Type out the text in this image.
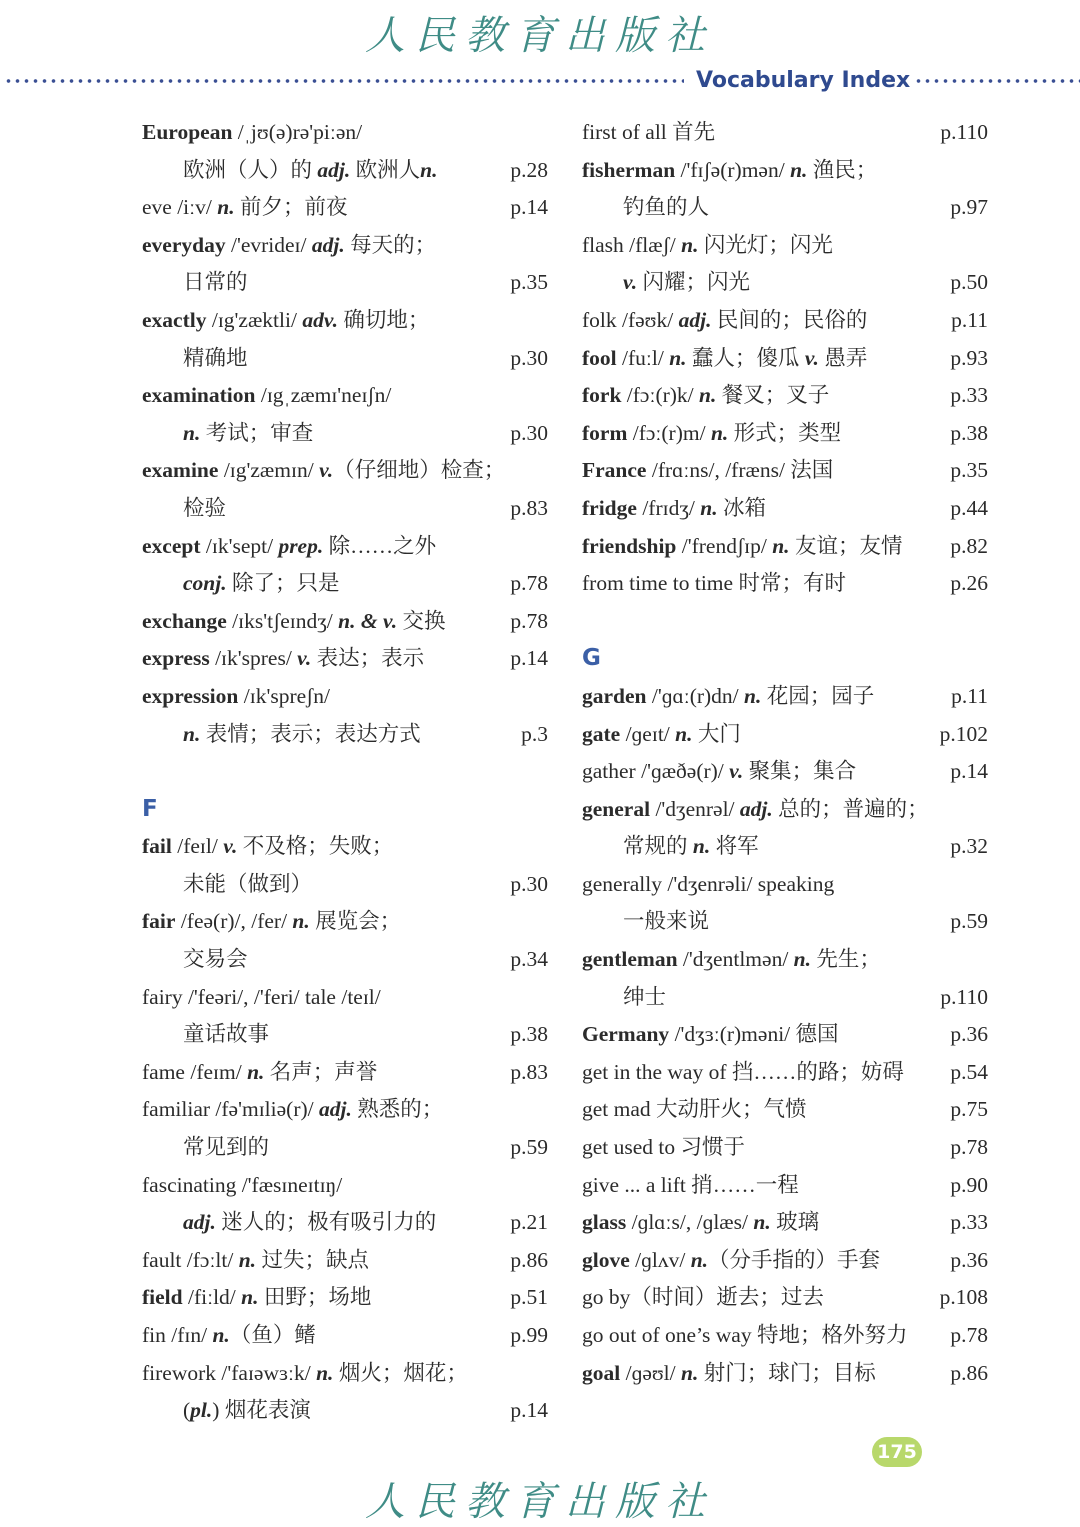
人民教育出版社
Vocabulary Index
European /ˌjʊ(ə)rə'piːən/
欧洲（人）的 adj. 欧洲人n.	p.28
eve /iːv/ n. 前夕；前夜	p.14
everyday /'evrideɪ/ adj. 每天的；
日常的	p.35
exactly /ɪg'zæktli/ adv. 确切地；
精确地	p.30
examination /ɪgˌzæmɪ'neɪʃn/
n. 考试；审查	p.30
examine /ɪg'zæmɪn/ v.（仔细地）检查；
检验	p.83
except /ɪk'sept/ prep. 除……之外
conj. 除了；只是	p.78
exchange /ɪks'tʃeɪndʒ/ n. & v. 交换	p.78
express /ɪk'spres/ v. 表达；表示	p.14
expression /ɪk'spreʃn/
n. 表情；表示；表达方式	p.3
F
fail /feɪl/ v. 不及格；失败；
未能（做到）	p.30
fair /feə(r)/, /fer/ n. 展览会；
交易会	p.34
fairy /'feəri/, /'feri/ tale /teɪl/
童话故事	p.38
fame /feɪm/ n. 名声；声誉	p.83
familiar /fə'mɪliə(r)/ adj. 熟悉的；
常见到的	p.59
fascinating /'fæsɪneɪtɪŋ/
adj. 迷人的；极有吸引力的	p.21
fault /fɔːlt/ n. 过失；缺点	p.86
field /fiːld/ n. 田野；场地	p.51
fin /fɪn/ n.（鱼）鳍	p.99
firework /'faɪəwɜːk/ n. 烟火；烟花；
(pl.) 烟花表演	p.14
first of all 首先	p.110
fisherman /'fɪʃə(r)mən/ n. 渔民；
钓鱼的人	p.97
flash /flæʃ/ n. 闪光灯；闪光
v. 闪耀；闪光	p.50
folk /fəʊk/ adj. 民间的；民俗的	p.11
fool /fuːl/ n. 蠢人；傻瓜 v. 愚弄	p.93
fork /fɔː(r)k/ n. 餐叉；叉子	p.33
form /fɔː(r)m/ n. 形式；类型	p.38
France /frɑːns/, /fræns/ 法国	p.35
fridge /frɪdʒ/ n. 冰箱	p.44
friendship /'frendʃɪp/ n. 友谊；友情 p.82
from time to time 时常；有时	p.26
G
garden /'ɡɑː(r)dn/ n. 花园；园子	p.11
gate /ɡeɪt/ n. 大门	p.102
gather /'ɡæðə(r)/ v. 聚集；集合	p.14
general /'dʒenrəl/ adj. 总的；普遍的；
常规的 n. 将军	p.32
generally /'dʒenrəli/ speaking
一般来说	p.59
gentleman /'dʒentlmən/ n. 先生；
绅士	p.110
Germany /'dʒɜː(r)məni/ 德国	p.36
get in the way of 挡……的路；妨碍 p.54
get mad 大动肝火；气愤	p.75
get used to 习惯于	p.78
give ... a lift 捎……一程	p.90
glass /ɡlɑːs/, /ɡlæs/ n. 玻璃	p.33
glove /ɡlʌv/ n.（分手指的）手套	p.36
go by（时间）逝去；过去	p.108
go out of one’s way 特地；格外努力 p.78
goal /ɡəʊl/ n. 射门；球门；目标	p.86
175
人民教育出版社
